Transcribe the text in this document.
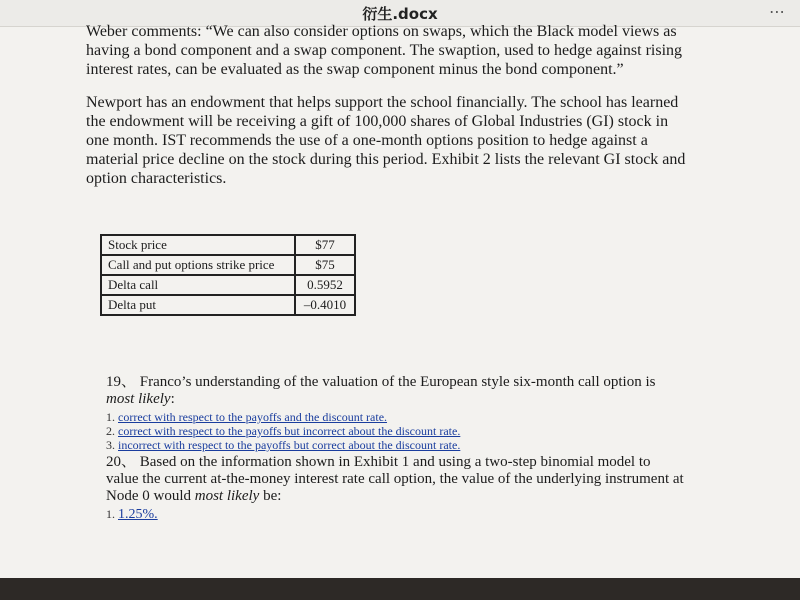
衍生.docx	⋯

Weber comments: “We can also consider options on swaps, which the Black model views as having a bond component and a swap component. The swaption, used to hedge against rising interest rates, can be evaluated as the swap component minus the bond component.”

Newport has an endowment that helps support the school financially. The school has learned the endowment will be receiving a gift of 100,000 shares of Global Industries (GI) stock in one month. IST recommends the use of a one-month options position to hedge against a material price decline on the stock during this period. Exhibit 2 lists the relevant GI stock and option characteristics.

Stock price	$77
Call and put options strike price	$75
Delta call	0.5952
Delta put	–0.4010

19、 Franco’s understanding of the valuation of the European style six-month call option is most likely:

1. correct with respect to the payoffs and the discount rate.
2. correct with respect to the payoffs but incorrect about the discount rate.
3. incorrect with respect to the payoffs but correct about the discount rate.

20、 Based on the information shown in Exhibit 1 and using a two-step binomial model to value the current at-the-money interest rate call option, the value of the underlying instrument at Node 0 would most likely be:

1. 1.25%.
